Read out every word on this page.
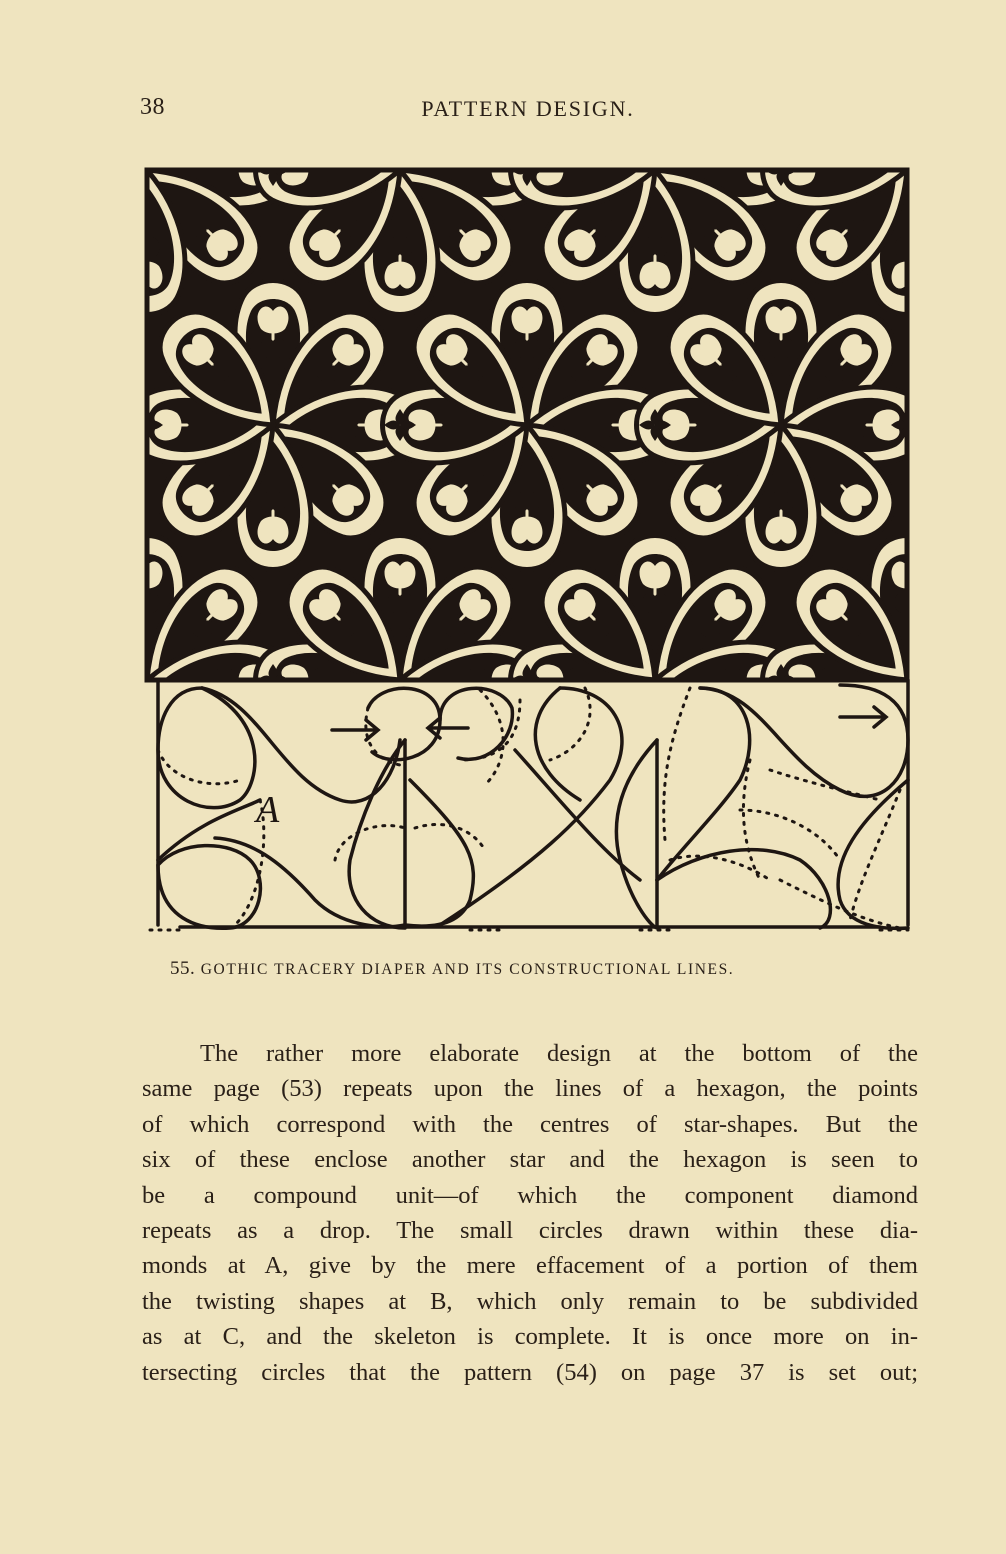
38	PATTERN DESIGN.
A
55. GOTHIC TRACERY DIAPER AND ITS CONSTRUCTIONAL LINES.
The rather more elaborate design at the bottom of the
same page (53) repeats upon the lines of a hexagon, the points
of which correspond with the centres of star-shapes. But the
six of these enclose another star and the hexagon is seen to
be a compound unit—of which the component diamond
repeats as a drop. The small circles drawn within these dia-
monds at A, give by the mere effacement of a portion of them
the twisting shapes at B, which only remain to be subdivided
as at C, and the skeleton is complete. It is once more on in-
tersecting circles that the pattern (54) on page 37 is set out;
